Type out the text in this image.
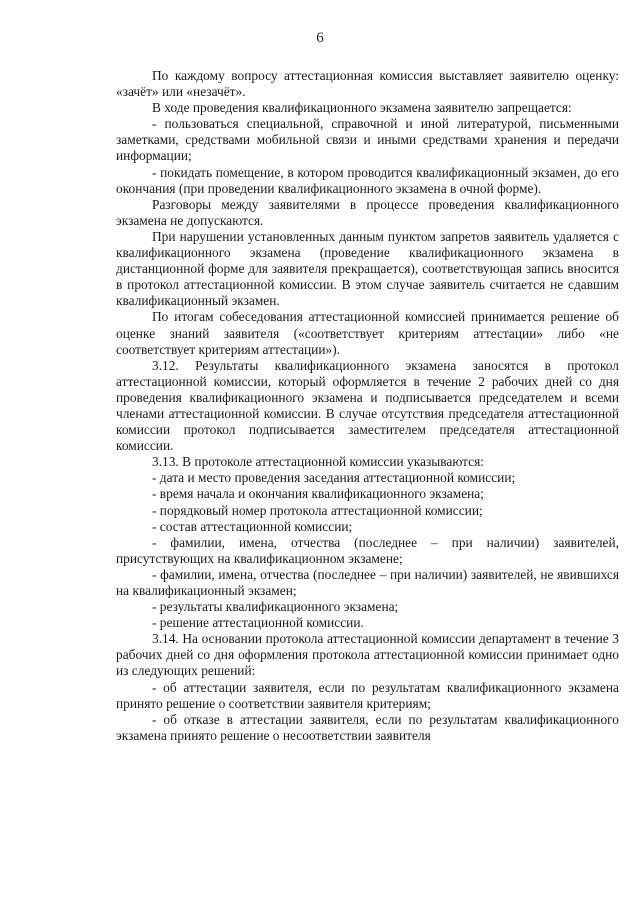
6

По каждому вопросу аттестационная комиссия выставляет заявителю оценку: «зачёт» или «незачёт».

В ходе проведения квалификационного экзамена заявителю запрещается:

- пользоваться специальной, справочной и иной литературой, письменными заметками, средствами мобильной связи и иными средствами хранения и передачи информации;

- покидать помещение, в котором проводится квалификационный экзамен, до его окончания (при проведении квалификационного экзамена в очной форме).

Разговоры между заявителями в процессе проведения квалификационного экзамена не допускаются.

При нарушении установленных данным пунктом запретов заявитель удаляется с квалификационного экзамена (проведение квалификационного экзамена в дистанционной форме для заявителя прекращается), соответствующая запись вносится в протокол аттестационной комиссии. В этом случае заявитель считается не сдавшим квалификационный экзамен.

По итогам собеседования аттестационной комиссией принимается решение об оценке знаний заявителя («соответствует критериям аттестации» либо «не соответствует критериям аттестации»).

3.12. Результаты квалификационного экзамена заносятся в протокол аттестационной комиссии, который оформляется в течение 2 рабочих дней со дня проведения квалификационного экзамена и подписывается председателем и всеми членами аттестационной комиссии. В случае отсутствия председателя аттестационной комиссии протокол подписывается заместителем председателя аттестационной комиссии.

3.13. В протоколе аттестационной комиссии указываются:

- дата и место проведения заседания аттестационной комиссии;

- время начала и окончания квалификационного экзамена;

- порядковый номер протокола аттестационной комиссии;

- состав аттестационной комиссии;

- фамилии, имена, отчества (последнее – при наличии) заявителей, присутствующих на квалификационном экзамене;

- фамилии, имена, отчества (последнее – при наличии) заявителей, не явившихся на квалификационный экзамен;

- результаты квалификационного экзамена;

- решение аттестационной комиссии.

3.14. На основании протокола аттестационной комиссии департамент в течение 3 рабочих дней со дня оформления протокола аттестационной комиссии принимает одно из следующих решений:

- об аттестации заявителя, если по результатам квалификационного экзамена принято решение о соответствии заявителя критериям;

- об отказе в аттестации заявителя, если по результатам квалификационного экзамена принято решение о несоответствии заявителя
